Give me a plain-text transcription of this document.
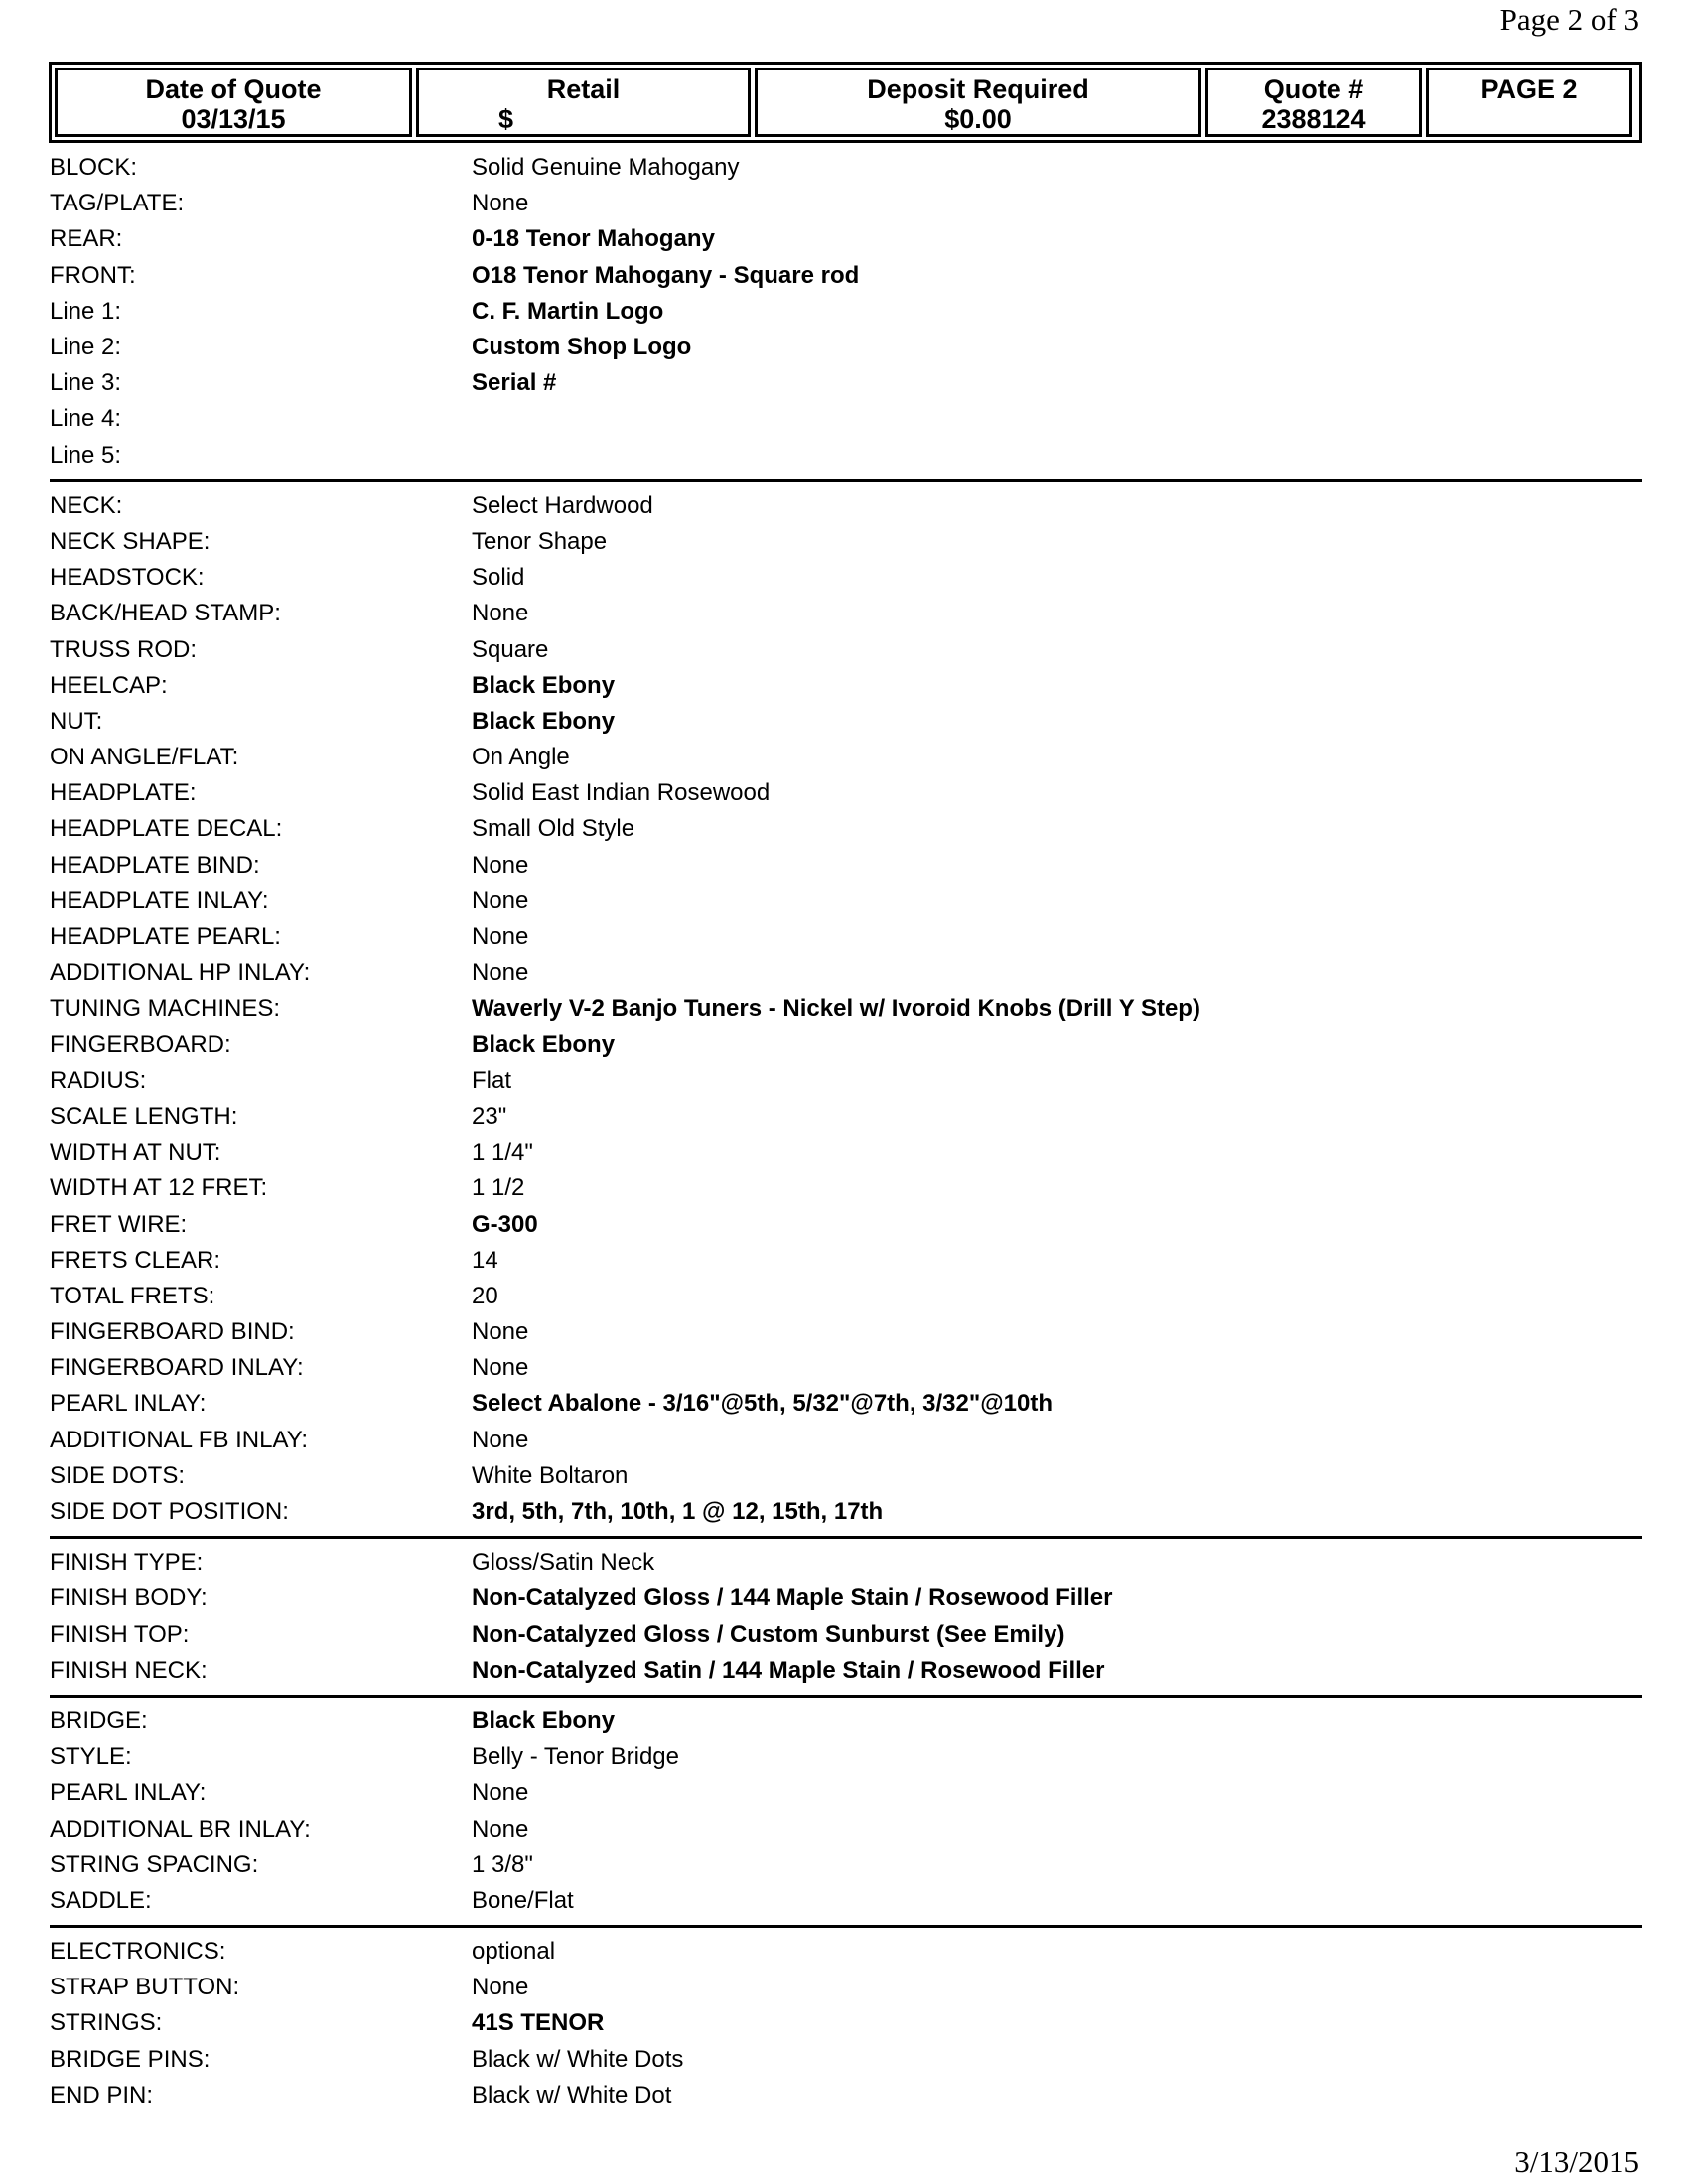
Page 2 of 3
Date of Quote
03/13/15
Retail
$
Deposit Required
$0.00
Quote #
2388124
PAGE 2
BLOCK:	Solid Genuine Mahogany
TAG/PLATE:	None
REAR:	0-18 Tenor Mahogany
FRONT:	O18 Tenor Mahogany - Square rod
Line 1:	C. F. Martin Logo
Line 2:	Custom Shop Logo
Line 3:	Serial #
Line 4:
Line 5:
NECK:	Select Hardwood
NECK SHAPE:	Tenor Shape
HEADSTOCK:	Solid
BACK/HEAD STAMP:	None
TRUSS ROD:	Square
HEELCAP:	Black Ebony
NUT:	Black Ebony
ON ANGLE/FLAT:	On Angle
HEADPLATE:	Solid East Indian Rosewood
HEADPLATE DECAL:	Small Old Style
HEADPLATE BIND:	None
HEADPLATE INLAY:	None
HEADPLATE PEARL:	None
ADDITIONAL HP INLAY:	None
TUNING MACHINES:	Waverly V-2 Banjo Tuners - Nickel w/ Ivoroid Knobs (Drill Y Step)
FINGERBOARD:	Black Ebony
RADIUS:	Flat
SCALE LENGTH:	23"
WIDTH AT NUT:	1 1/4"
WIDTH AT 12 FRET:	1 1/2
FRET WIRE:	G-300
FRETS CLEAR:	14
TOTAL FRETS:	20
FINGERBOARD BIND:	None
FINGERBOARD INLAY:	None
PEARL INLAY:	Select Abalone - 3/16"@5th, 5/32"@7th, 3/32"@10th
ADDITIONAL FB INLAY:	None
SIDE DOTS:	White Boltaron
SIDE DOT POSITION:	3rd, 5th, 7th, 10th, 1 @ 12, 15th, 17th
FINISH TYPE:	Gloss/Satin Neck
FINISH BODY:	Non-Catalyzed Gloss / 144 Maple Stain / Rosewood Filler
FINISH TOP:	Non-Catalyzed Gloss / Custom Sunburst (See Emily)
FINISH NECK:	Non-Catalyzed Satin / 144 Maple Stain / Rosewood Filler
BRIDGE:	Black Ebony
STYLE:	Belly - Tenor Bridge
PEARL INLAY:	None
ADDITIONAL BR INLAY:	None
STRING SPACING:	1 3/8"
SADDLE:	Bone/Flat
ELECTRONICS:	optional
STRAP BUTTON:	None
STRINGS:	41S TENOR
BRIDGE PINS:	Black w/ White Dots
END PIN:	Black w/ White Dot
3/13/2015
